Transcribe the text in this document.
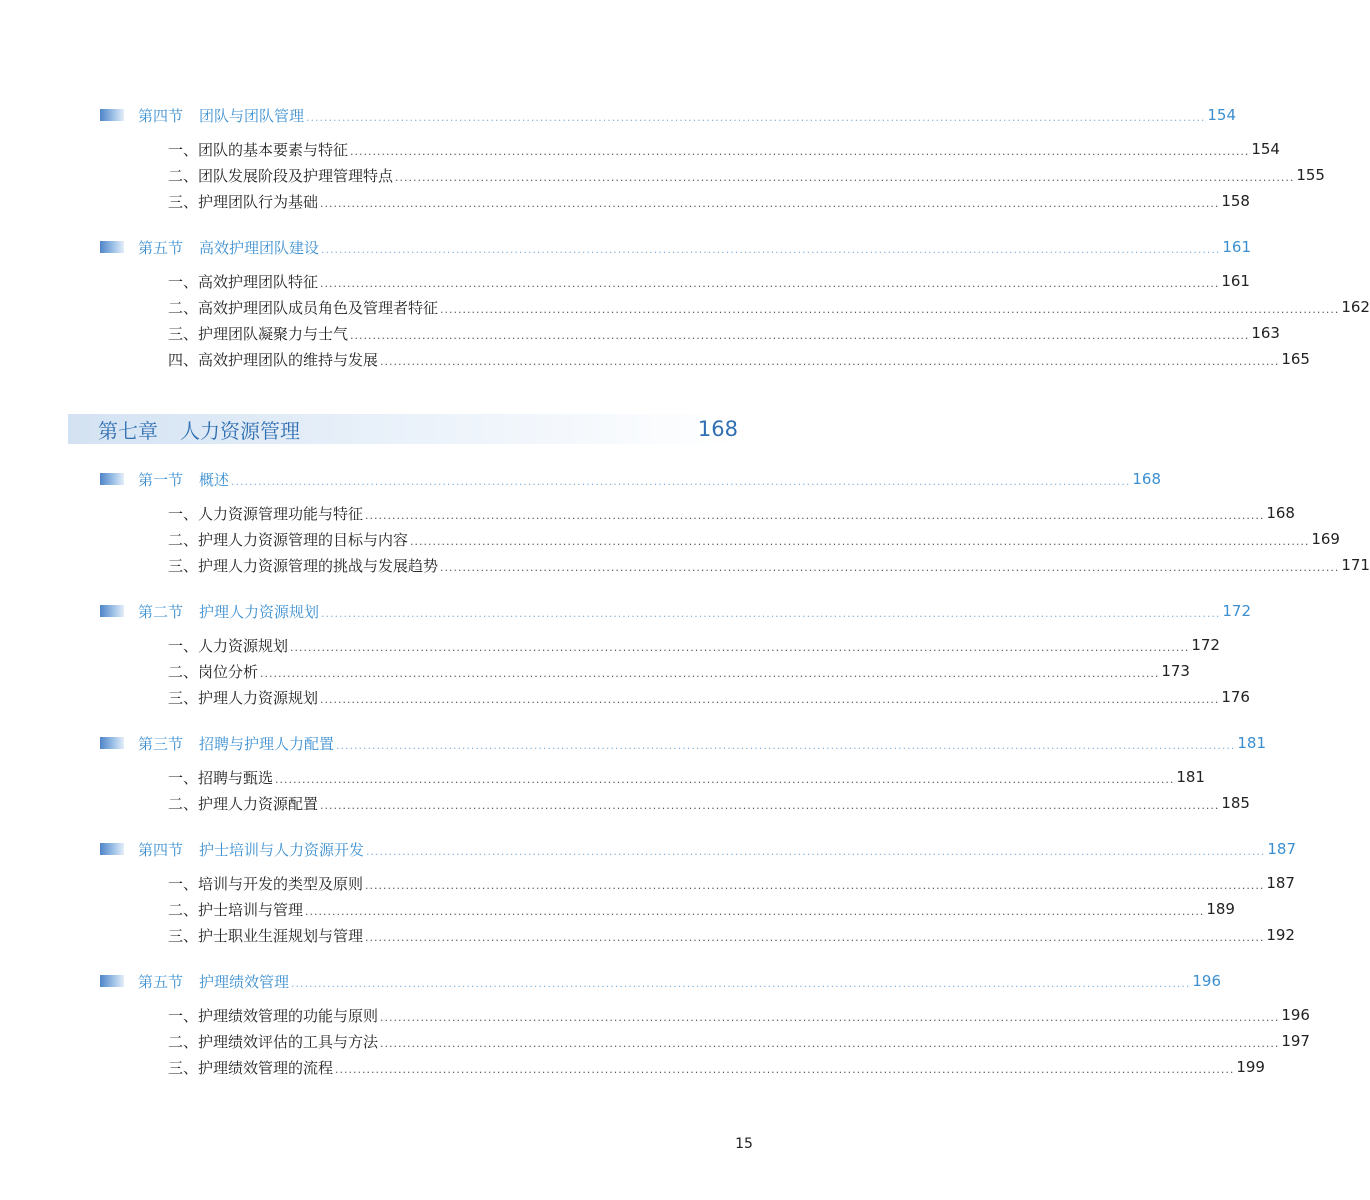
第四节 团队与团队管理 ........................................................................................................................................................................................................ 154
一、团队的基本要素与特征 ........................................................................................................................................................................................................ 154
二、团队发展阶段及护理管理特点 ........................................................................................................................................................................................................ 155
三、护理团队行为基础 ........................................................................................................................................................................................................ 158
第五节 高效护理团队建设 ........................................................................................................................................................................................................ 161
一、高效护理团队特征 ........................................................................................................................................................................................................ 161
二、高效护理团队成员角色及管理者特征 ........................................................................................................................................................................................................ 162
三、护理团队凝聚力与士气 ........................................................................................................................................................................................................ 163
四、高效护理团队的维持与发展 ........................................................................................................................................................................................................ 165
第七章 人力资源管理	168
第一节 概述 ........................................................................................................................................................................................................ 168
一、人力资源管理功能与特征 ........................................................................................................................................................................................................ 168
二、护理人力资源管理的目标与内容 ........................................................................................................................................................................................................ 169
三、护理人力资源管理的挑战与发展趋势 ........................................................................................................................................................................................................ 171
第二节 护理人力资源规划 ........................................................................................................................................................................................................ 172
一、人力资源规划 ........................................................................................................................................................................................................ 172
二、岗位分析 ........................................................................................................................................................................................................ 173
三、护理人力资源规划 ........................................................................................................................................................................................................ 176
第三节 招聘与护理人力配置 ........................................................................................................................................................................................................ 181
一、招聘与甄选 ........................................................................................................................................................................................................ 181
二、护理人力资源配置 ........................................................................................................................................................................................................ 185
第四节 护士培训与人力资源开发 ........................................................................................................................................................................................................ 187
一、培训与开发的类型及原则 ........................................................................................................................................................................................................ 187
二、护士培训与管理 ........................................................................................................................................................................................................ 189
三、护士职业生涯规划与管理 ........................................................................................................................................................................................................ 192
第五节 护理绩效管理 ........................................................................................................................................................................................................ 196
一、护理绩效管理的功能与原则 ........................................................................................................................................................................................................ 196
二、护理绩效评估的工具与方法 ........................................................................................................................................................................................................ 197
三、护理绩效管理的流程 ........................................................................................................................................................................................................ 199
15
